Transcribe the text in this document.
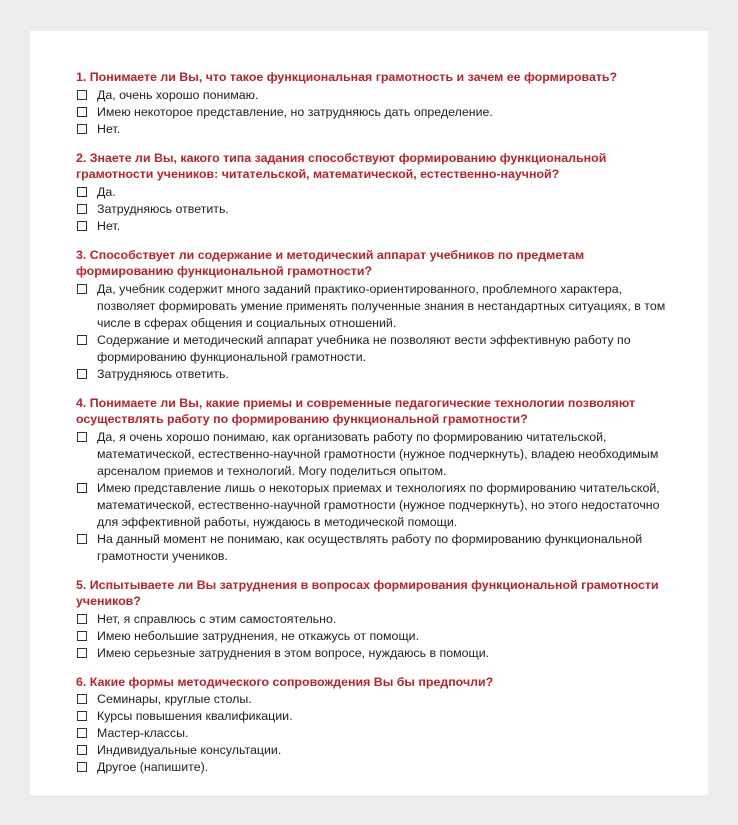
1. Понимаете ли Вы, что такое функциональная грамотность и зачем ее формировать?
Да, очень хорошо понимаю.
Имею некоторое представление, но затрудняюсь дать определение.
Нет.
2. Знаете ли Вы, какого типа задания способствуют формированию функциональной грамотности учеников: читательской, математической, естественно-научной?
Да.
Затрудняюсь ответить.
Нет.
3. Способствует ли содержание и методический аппарат учебников по предметам формированию функциональной грамотности?
Да, учебник содержит много заданий практико-ориентированного, проблемного характера, позволяет формировать умение применять полученные знания в нестандартных ситуациях, в том числе в сферах общения и социальных отношений.
Содержание и методический аппарат учебника не позволяют вести эффективную работу по формированию функциональной грамотности.
Затрудняюсь ответить.
4. Понимаете ли Вы, какие приемы и современные педагогические технологии позволяют осуществлять работу по формированию функциональной грамотности?
Да, я очень хорошо понимаю, как организовать работу по формированию читательской, математической, естественно-научной грамотности (нужное подчеркнуть), владею необходимым арсеналом приемов и технологий. Могу поделиться опытом.
Имею представление лишь о некоторых приемах и технологиях по формированию читательской, математической, естественно-научной грамотности (нужное подчеркнуть), но этого недостаточно для эффективной работы, нуждаюсь в методической помощи.
На данный момент не понимаю, как осуществлять работу по формированию функциональной грамотности учеников.
5. Испытываете ли Вы затруднения в вопросах формирования функциональной грамотности учеников?
Нет, я справлюсь с этим самостоятельно.
Имею небольшие затруднения, не откажусь от помощи.
Имею серьезные затруднения в этом вопросе, нуждаюсь в помощи.
6. Какие формы методического сопровождения Вы бы предпочли?
Семинары, круглые столы.
Курсы повышения квалификации.
Мастер-классы.
Индивидуальные консультации.
Другое (напишите).
